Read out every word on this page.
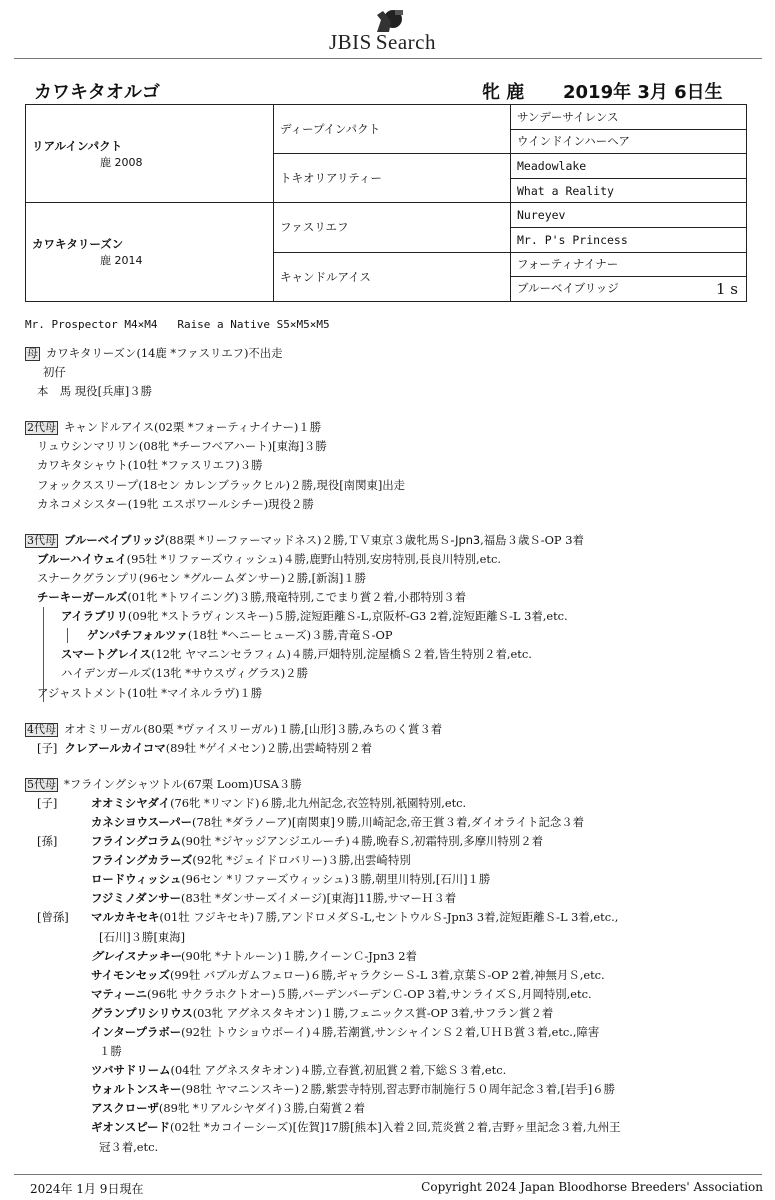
JBIS Search
カワキタオルゴ	牝 鹿 2019年 3月 6日生
リアルインパクト
鹿 2008	ディープインパクト	サンデーサイレンス
		ウインドインハーヘア
	トキオリアリティー	Meadowlake
		What a Reality

カワキタリーズン
鹿 2014	ファスリエフ	Nureyev
		Mr. P's Princess
	キャンドルアイス	フォーティナイナー
		ブルーベイブリッジ 1 s
Mr. Prospector M4×M4   Raise a Native S5×M5×M5
母 カワキタリーズン(14鹿 *ファスリエフ)不出走
初仔
本　馬 現役[兵庫]３勝
2代母 キャンドルアイス(02栗 *フォーティナイナー)１勝
リュウシンマリリン(08牝 *チーフベアハート)[東海]３勝
カワキタシャウト(10牡 *ファスリエフ)３勝
フォックススリープ(18セン カレンブラックヒル)２勝,現役[南関東]出走
カネコメシスター(19牝 エスポワールシチー)現役２勝
3代母 ブルーベイブリッジ(88栗 *リーファーマッドネス)２勝,ＴＶ東京３歳牝馬Ｓ-Jpn3,福島３歳Ｓ-OP 3着
ブルーハイウェイ(95牡 *リファーズウィッシュ)４勝,鹿野山特別,安房特別,長良川特別,etc.
スナークグランプリ(96セン *グルームダンサー)２勝,[新潟]１勝
チーキーガールズ(01牝 *トワイニング)３勝,飛竜特別,こでまり賞２着,小郡特別３着
アイラブリリ(09牝 *ストラヴィンスキー)５勝,淀短距離Ｓ-L,京阪杯-G3 2着,淀短距離Ｓ-L 3着,etc.
ゲンパチフォルツァ(18牡 *ヘニーヒューズ)３勝,青竜Ｓ-OP
スマートグレイス(12牝 ヤマニンセラフィム)４勝,戸畑特別,淀屋橋Ｓ２着,皆生特別２着,etc.
ハイデンガールズ(13牝 *サウスヴィグラス)２勝
アジャストメント(10牡 *マイネルラヴ)１勝
4代母 オオミリーガル(80栗 *ヴァイスリーガル)１勝,[山形]３勝,みちのく賞３着
[子] クレアールカイコマ(89牡 *ゲイメセン)２勝,出雲崎特別２着
5代母 *フライングシャツトル(67栗 Loom)USA３勝
[子]	オオミシヤダイ(76牝 *リマンド)６勝,北九州記念,衣笠特別,祇園特別,etc.
カネシヨウスーパー(78牡 *ダラノーア)[南関東]９勝,川崎記念,帝王賞３着,ダイオライト記念３着
[孫]	フライングコラム(90牡 *ジヤッジアンジエルーチ)４勝,晩春Ｓ,初霜特別,多摩川特別２着
フライングカラーズ(92牝 *ジェイドロバリー)３勝,出雲崎特別
ロードウィッシュ(96セン *リファーズウィッシュ)３勝,朝里川特別,[石川]１勝
フジミノダンサー(83牡 *ダンサーズイメージ)[東海]11勝,サマーＨ３着
[曾孫] マルカキセキ(01牡 フジキセキ)７勝,アンドロメダＳ-L,セントウルＳ-Jpn3 3着,淀短距離Ｓ-L 3着,etc.,
[石川]３勝[東海]
グレイスナッキー(90牝 *ナトルーン)１勝,クイーンＣ-Jpn3 2着
サイモンセッズ(99牡 バブルガムフェロー)６勝,ギャラクシーＳ-L 3着,京葉Ｓ-OP 2着,神無月Ｓ,etc.
マティーニ(96牝 サクラホクトオー)５勝,バーデンバーデンＣ-OP 3着,サンライズＳ,月岡特別,etc.
グランプリシリウス(03牝 アグネスタキオン)１勝,フェニックス賞-OP 3着,サフラン賞２着
インタープラボー(92牡 トウショウボーイ)４勝,若潮賞,サンシャインＳ２着,ＵＨＢ賞３着,etc.,障害
１勝
ツバサドリーム(04牡 アグネスタキオン)４勝,立春賞,初凪賞２着,下総Ｓ３着,etc.
ウォルトンスキー(98牡 ヤマニンスキー)２勝,紫雲寺特別,習志野市制施行５０周年記念３着,[岩手]６勝
アスクローザ(89牝 *リアルシヤダイ)３勝,白菊賞２着
ギオンスピード(02牡 *カコイーシーズ)[佐賀]17勝[熊本]入着２回,荒炎賞２着,吉野ヶ里記念３着,九州王
冠３着,etc.
2024年 1月 9日現在	Copyright 2024 Japan Bloodhorse Breeders' Association
